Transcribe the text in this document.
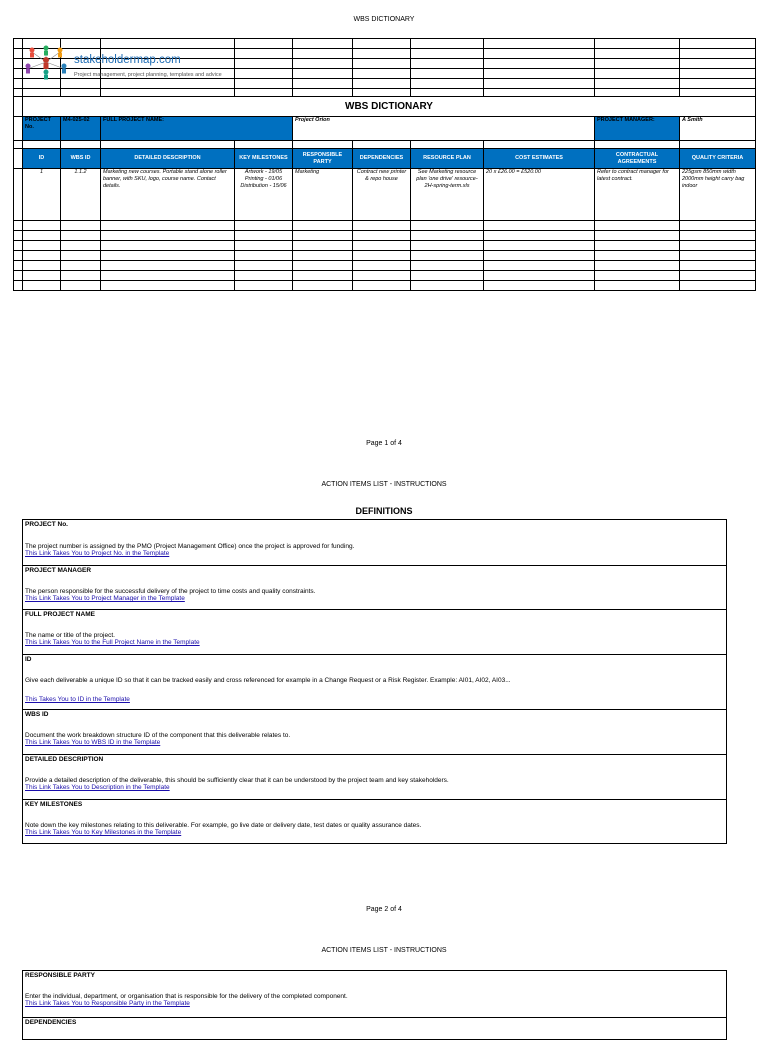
WBS DICTIONARY

	WBS DICTIONARY									
	PROJECT No.	M4-025-02	FULL PROJECT NAME:		Project Orion				PROJECT MANAGER:	A Smith

	ID	WBS ID	DETAILED DESCRIPTION	KEY MILESTONES	RESPONSIBLE PARTY	DEPENDENCIES	RESOURCE PLAN	COST ESTIMATES	CONTRACTUAL AGREEMENTS	QUALITY CRITERIA
	1	1.1.2	Marketing new courses. Portable stand alone roller banner, with SKU, logo, course name. Contact details.	Artwork - 19/05 Printing - 01/06 Distribution - 15/06	Marketing	Contract new printer & repo house	See Marketing resource plan 'one drive' resource-2H-spring-term.xls	20 x £26.00 = £520.00	Refer to contract manager for latest contract.	225gsm 850mm width 2000mm height carry bag indoor

stakeholdermap.com
Project management, project planning, templates and advice
Page 1 of 4
ACTION ITEMS LIST - INSTRUCTIONS
DEFINITIONS
PROJECT No.
The project number is assigned by the PMO (Project Management Office) once the project is approved for funding.
This Link Takes You to Project No. in the Template
PROJECT MANAGER
The person responsible for the successful delivery of the project to time costs and quality constraints.
This Link Takes You to Project Manager in the Template
FULL PROJECT NAME
The name or title of the project.
This Link Takes You to the Full Project Name in the Template
ID
Give each deliverable a unique ID so that it can be tracked easily and cross referenced for example in a Change Request or a Risk Register. Example: AI01, AI02, AI03...
This Takes You to ID in the Template
WBS ID
Document the work breakdown structure ID of the component that this deliverable relates to.
This Link Takes You to WBS ID in the Template
DETAILED DESCRIPTION
Provide a detailed description of the deliverable, this should be sufficiently clear that it can be understood by the project team and key stakeholders.
This Link Takes You to Description in the Template
KEY MILESTONES
Note down the key milestones relating to this deliverable. For example, go live date or delivery date, test dates or quality assurance dates.
This Link Takes You to Key Milestones in the Template
Page 2 of 4
ACTION ITEMS LIST - INSTRUCTIONS
RESPONSIBLE PARTY
Enter the individual, department, or organisation that is responsible for the delivery of the completed component.
This Link Takes You to Responsible Party in the Template
DEPENDENCIES
